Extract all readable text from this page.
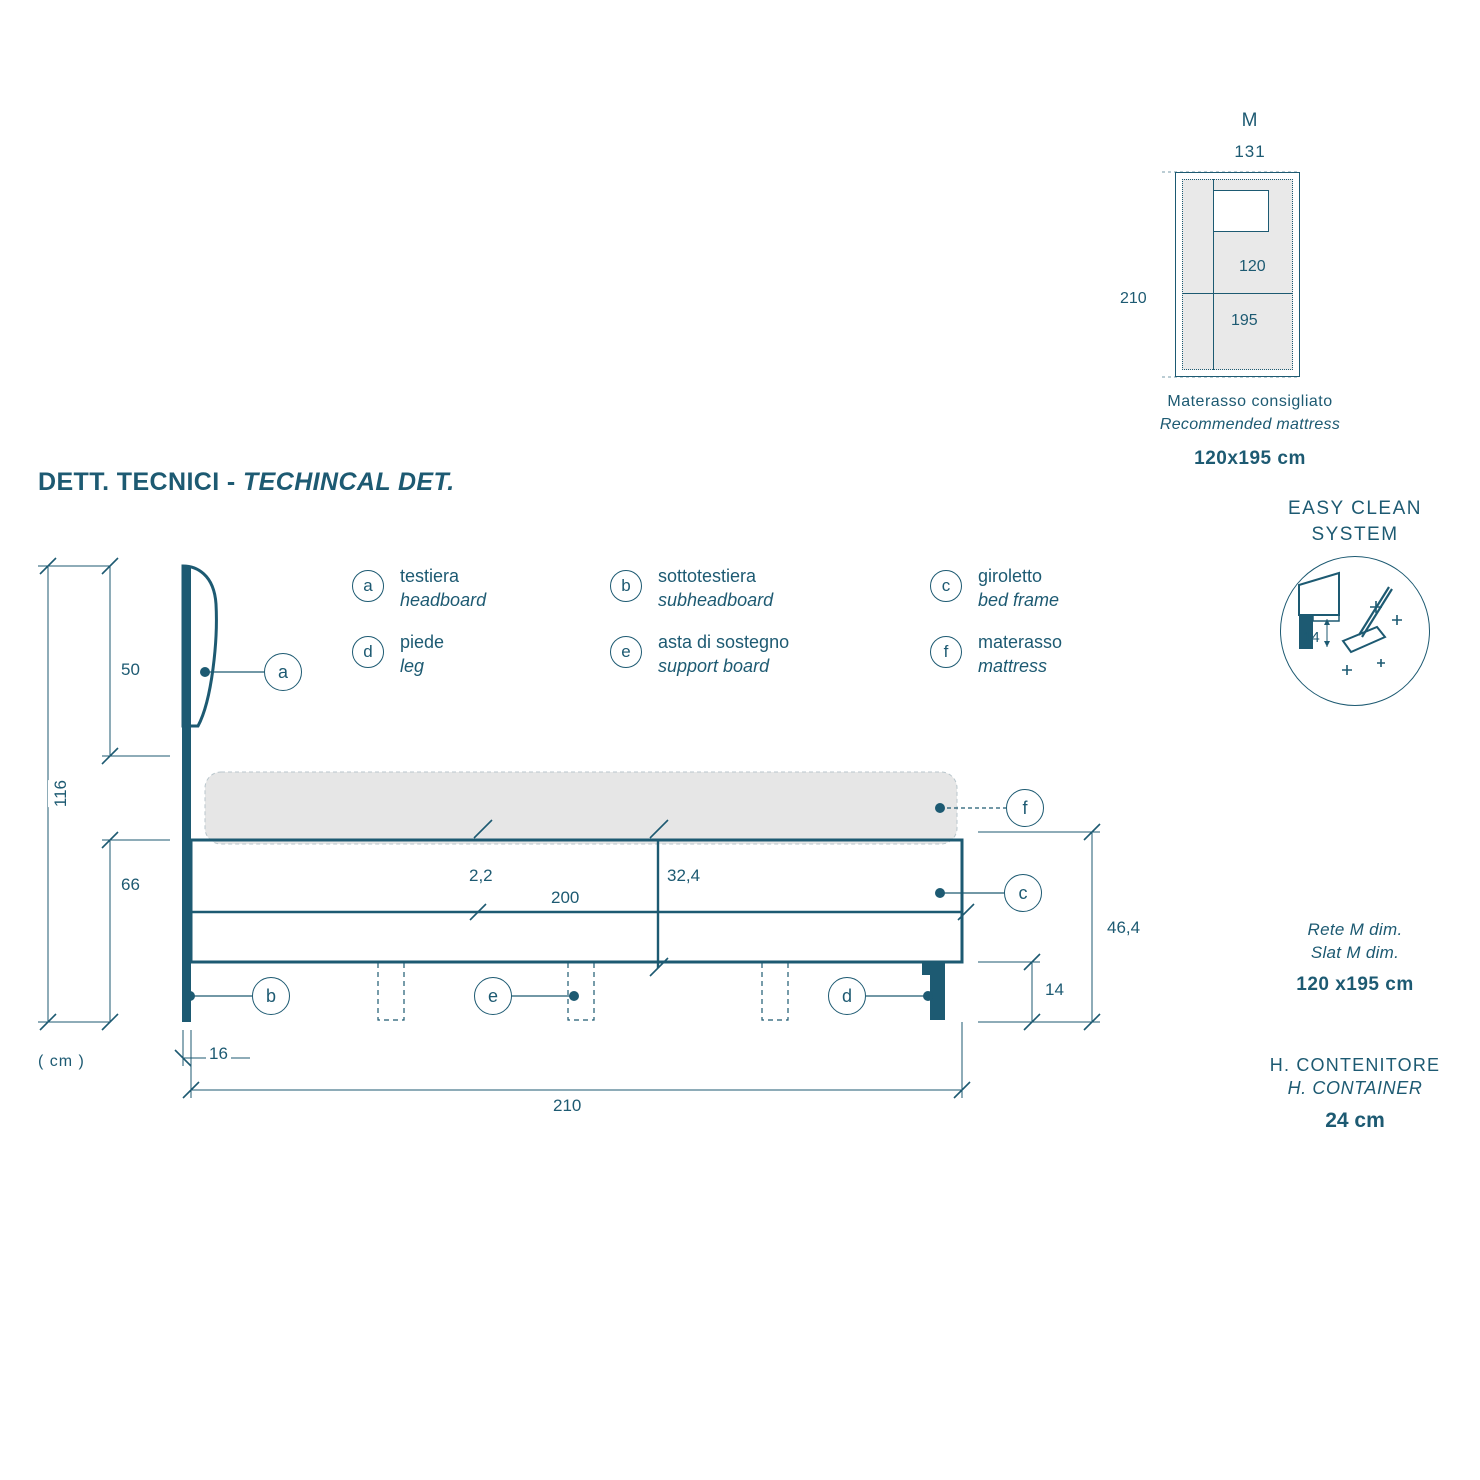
M
131
120
195
210
Materasso consigliato
Recommended mattress
120x195 cm
DETT. TECNICI - TECHINCAL DET.
a	testiera
headboard
b	sottotestiera
subheadboard
c	giroletto
bed frame
d	piede
leg
e	asta di sostegno
support board
f	materasso
mattress
EASY CLEAN
SYSTEM
14
Rete M dim.
Slat M dim.
120 x195 cm
H. CONTENITORE
H. CONTAINER
24 cm
50
116
66	2,2
200
32,4
46,4
14
16
210
a
f
c
b	e	d
( cm )
